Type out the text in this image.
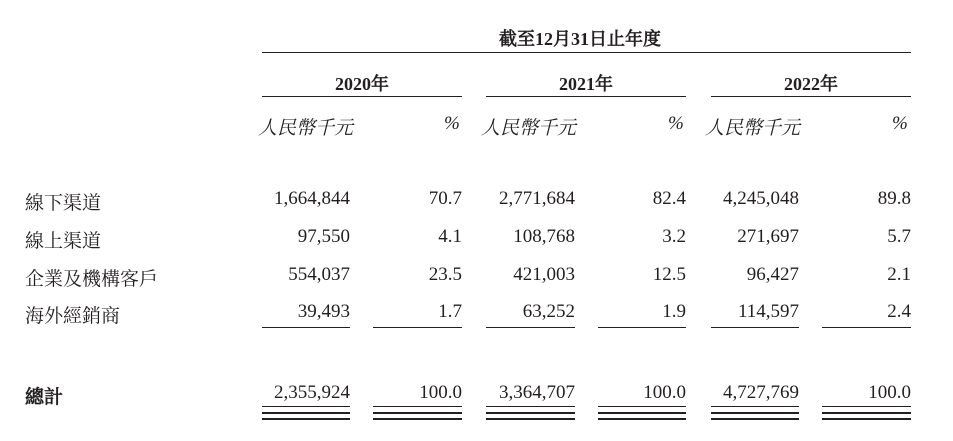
截至12月31日止年度
2020年	2021年	2022年
人民幣千元	% 人民幣千元	% 人民幣千元	%
線下渠道	1,664,844	70.7 2,771,684	82.4 4,245,048	89.8
線上渠道	97,550	4.1	108,768	3.2	271,697	5.7
企業及機構客戶	554,037	23.5	421,003	12.5	96,427	2.1
海外經銷商	39,493	1.7	63,252	1.9	114,597	2.4
總計	2,355,924	100.0 3,364,707	100.0 4,727,769	100.0
